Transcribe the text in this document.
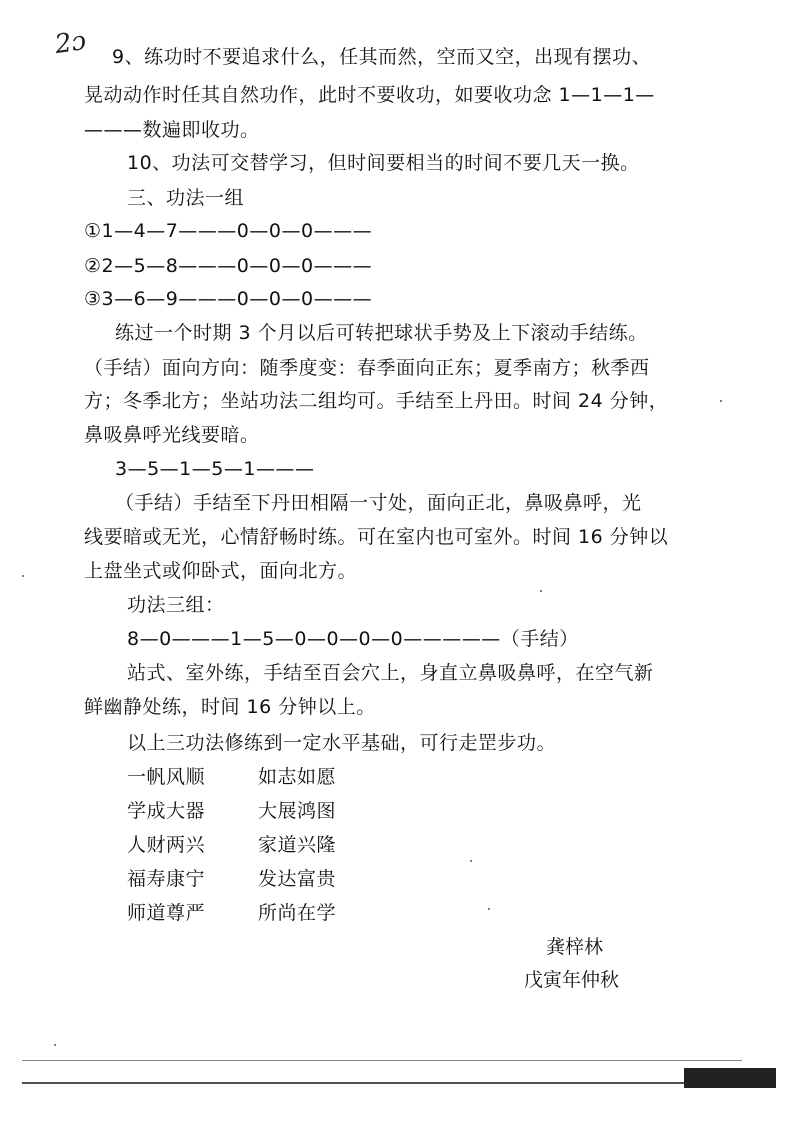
2ɔ 9、练功时不要追求什么，任其而然，空而又空，出现有摆功、
晃动动作时任其自然功作，此时不要收功，如要收功念 1—1—1—
———数遍即收功。
10、功法可交替学习，但时间要相当的时间不要几天一换。
三、功法一组
①1—4—7———0—0—0———
②2—5—8———0—0—0———
③3—6—9———0—0—0———
练过一个时期 3 个月以后可转把球状手势及上下滚动手结练。
（手结）面向方向：随季度变：春季面向正东；夏季南方；秋季西
方；冬季北方；坐站功法二组均可。手结至上丹田。时间 24 分钟，
鼻吸鼻呼光线要暗。
3—5—1—5—1———
（手结）手结至下丹田相隔一寸处，面向正北，鼻吸鼻呼，光
线要暗或无光，心情舒畅时练。可在室内也可室外。时间 16 分钟以
上盘坐式或仰卧式，面向北方。
功法三组：
8—0———1—5—0—0—0—0—————（手结）
站式、室外练，手结至百会穴上，身直立鼻吸鼻呼，在空气新
鲜幽静处练，时间 16 分钟以上。
以上三功法修练到一定水平基础，可行走罡步功。
一帆风顺	如志如愿
学成大器	大展鸿图
人财两兴	家道兴隆
福寿康宁	发达富贵
师道尊严	所尚在学
龚梓林
戊寅年仲秋
